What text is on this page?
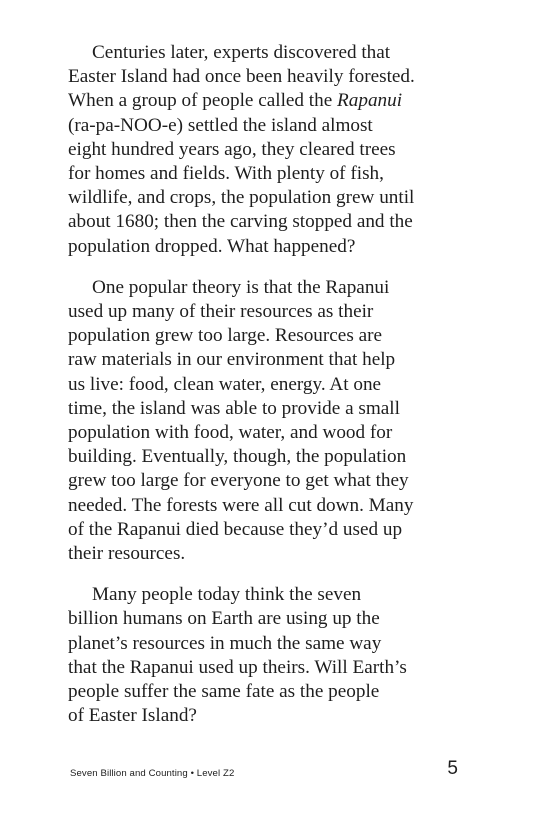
Centuries later, experts discovered that
Easter Island had once been heavily forested.
When a group of people called the Rapanui
(ra-pa-NOO-e) settled the island almost
eight hundred years ago, they cleared trees
for homes and fields. With plenty of fish,
wildlife, and crops, the population grew until
about 1680; then the carving stopped and the
population dropped. What happened?

One popular theory is that the Rapanui
used up many of their resources as their
population grew too large. Resources are
raw materials in our environment that help
us live: food, clean water, energy. At one
time, the island was able to provide a small
population with food, water, and wood for
building. Eventually, though, the population
grew too large for everyone to get what they
needed. The forests were all cut down. Many
of the Rapanui died because they’d used up
their resources.

Many people today think the seven
billion humans on Earth are using up the
planet’s resources in much the same way
that the Rapanui used up theirs. Will Earth’s
people suffer the same fate as the people
of Easter Island?

Seven Billion and Counting • Level Z2	5
